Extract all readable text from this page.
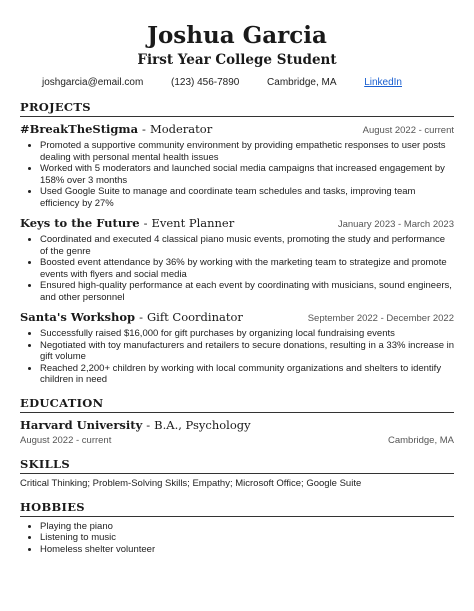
Joshua Garcia
First Year College Student
joshgarcia@email.com	(123) 456-7890	Cambridge, MA	LinkedIn
PROJECTS
#BreakTheStigma - Moderator	August 2022 - current
• Promoted a supportive community environment by providing empathetic responses to user posts dealing with personal mental health issues
• Worked with 5 moderators and launched social media campaigns that increased engagement by 158% over 3 months
• Used Google Suite to manage and coordinate team schedules and tasks, improving team efficiency by 27%
Keys to the Future - Event Planner	January 2023 - March 2023
• Coordinated and executed 4 classical piano music events, promoting the study and performance of the genre
• Boosted event attendance by 36% by working with the marketing team to strategize and promote events with flyers and social media
• Ensured high-quality performance at each event by coordinating with musicians, sound engineers, and other personnel
Santa's Workshop - Gift Coordinator	September 2022 - December 2022
• Successfully raised $16,000 for gift purchases by organizing local fundraising events
• Negotiated with toy manufacturers and retailers to secure donations, resulting in a 33% increase in gift volume
• Reached 2,200+ children by working with local community organizations and shelters to identify children in need
EDUCATION
Harvard University - B.A., Psychology
August 2022 - current	Cambridge, MA
SKILLS
Critical Thinking; Problem-Solving Skills; Empathy; Microsoft Office; Google Suite
HOBBIES
• Playing the piano
• Listening to music
• Homeless shelter volunteer
